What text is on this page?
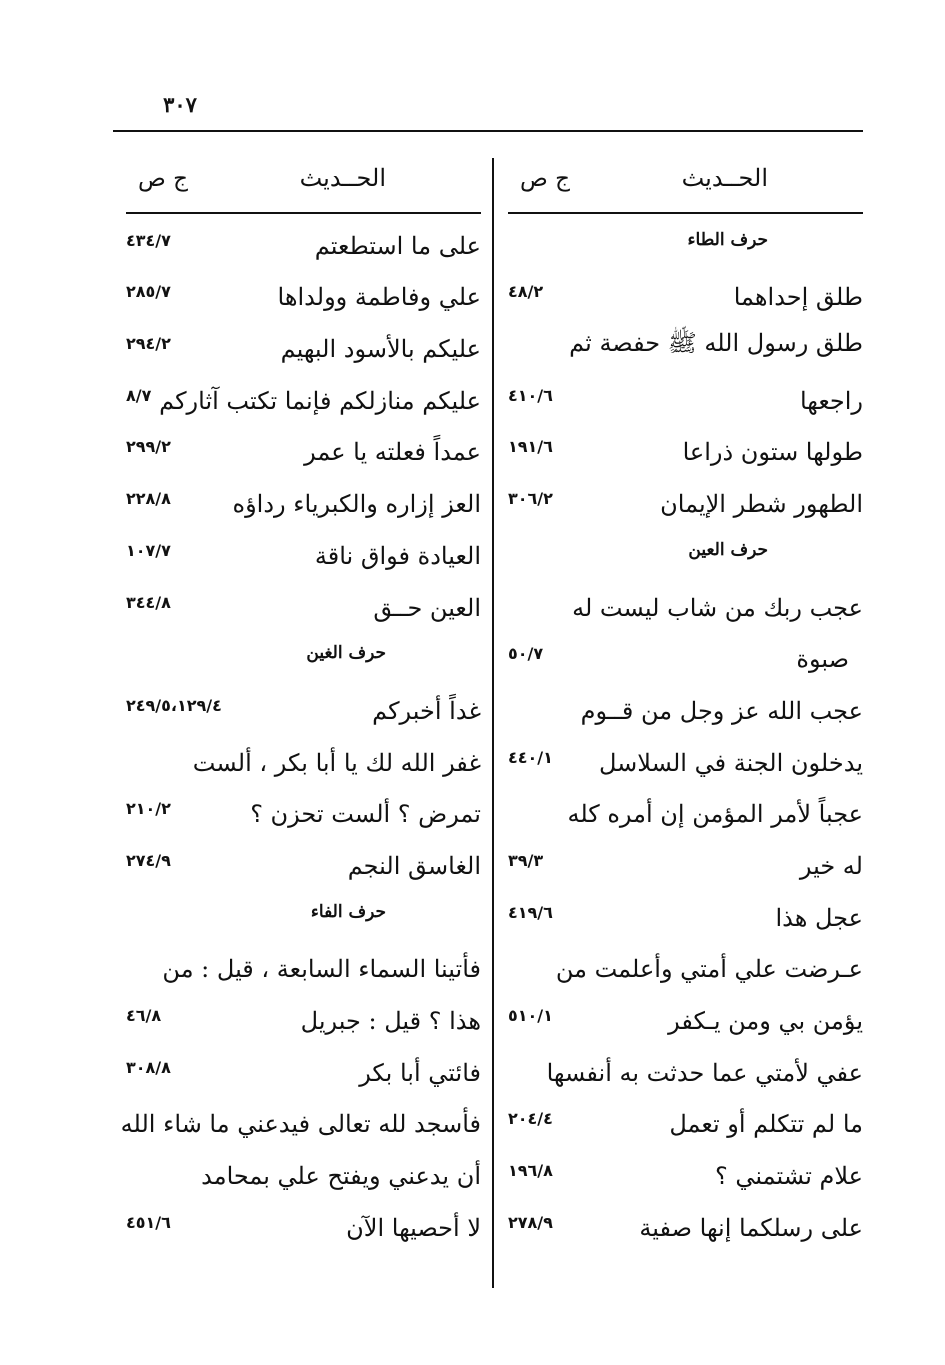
٣٠٧
الحــديث
ج ص
حرف الطاء
طلق إحداهما
٤٨/٢
طلق رسول الله ﷺ حفصة ثم
راجعها
٤١٠/٦
طولها ستون ذراعا
١٩١/٦
الطهور شطر الإيمان
٣٠٦/٢
حرف العين
عجب ربك من شاب ليست له
صبوة
٥٠/٧
عجب الله عز وجل من قــوم
يدخلون الجنة في السلاسل
٤٤٠/١
عجباً لأمر المؤمن إن أمره كله
له خير
٣٩/٣
عجل هذا
٤١٩/٦
عـرضت علي أمتي وأعلمت من
يؤمن بي ومن يـكفر
٥١٠/١
عفي لأمتي عما حدثت به أنفسها
ما لم تتكلم أو تعمل
٢٠٤/٤
علام تشتمني ؟
١٩٦/٨
على رسلكما إنها صفية
٢٧٨/٩
الحــديث
ج ص
على ما استطعتم
٤٣٤/٧
علي وفاطمة وولداها
٢٨٥/٧
عليكم بالأسود البهيم
٢٩٤/٢
عليكم منازلكم فإنما تكتب آثاركم
٨/٧
عمداً فعلته يا عمر
٢٩٩/٢
العز إزاره والكبرياء رداؤه
٢٢٨/٨
العيادة فواق ناقة
١٠٧/٧
العين حــق
٣٤٤/٨
حرف الغين
غداً أخبركم
٢٤٩/٥،١٢٩/٤
غفر الله لك يا أبا بكر ، ألست
تمرض ؟ ألست تحزن ؟
٢١٠/٢
الغاسق النجم
٢٧٤/٩
حرف الفاء
فأتينا السماء السابعة ، قيل : من
هذا ؟ قيل : جبريل
٤٦/٨
فائتي أبا بكر
٣٠٨/٨
فأسجد لله تعالى فيدعني ما شاء الله
أن يدعني ويفتح علي بمحامد
لا أحصيها الآن
٤٥١/٦
